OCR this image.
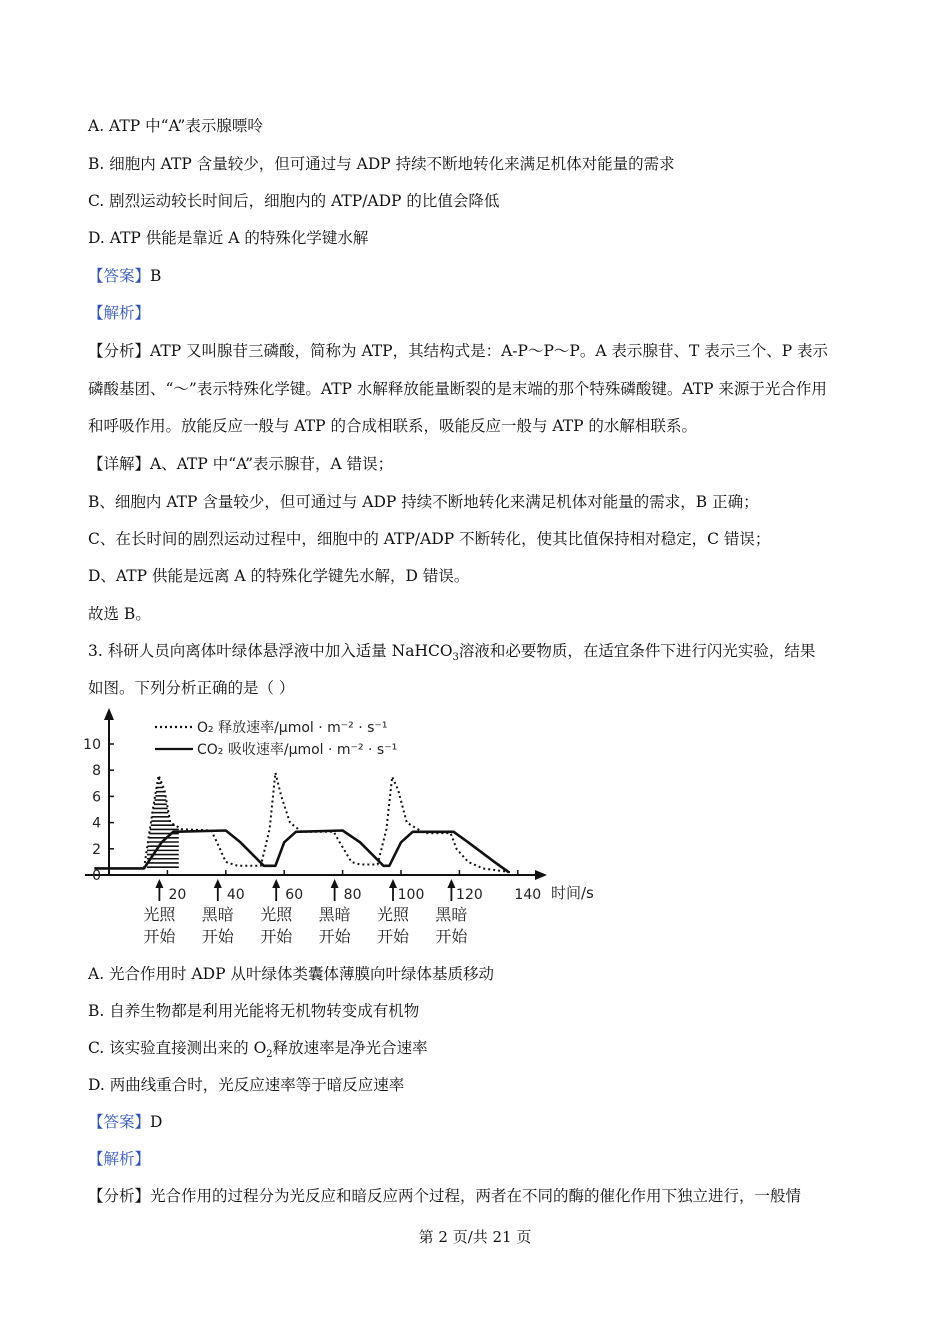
A. ATP 中“A”表示腺嘌呤
B. 细胞内 ATP 含量较少，但可通过与 ADP 持续不断地转化来满足机体对能量的需求
C. 剧烈运动较长时间后，细胞内的 ATP/ADP 的比值会降低
D. ATP 供能是靠近 A 的特殊化学键水解
【答案】B
【解析】
【分析】ATP 又叫腺苷三磷酸，简称为 ATP，其结构式是：A-P～P～P。A 表示腺苷、T 表示三个、P 表示
磷酸基团、“～”表示特殊化学键。ATP 水解释放能量断裂的是末端的那个特殊磷酸键。ATP 来源于光合作用
和呼吸作用。放能反应一般与 ATP 的合成相联系，吸能反应一般与 ATP 的水解相联系。
【详解】A、ATP 中“A”表示腺苷，A 错误；
B、细胞内 ATP 含量较少，但可通过与 ADP 持续不断地转化来满足机体对能量的需求，B 正确；
C、在长时间的剧烈运动过程中，细胞中的 ATP/ADP 不断转化，使其比值保持相对稳定，C 错误；
D、ATP 供能是远离 A 的特殊化学键先水解，D 错误。
故选 B。
3. 科研人员向离体叶绿体悬浮液中加入适量 NaHCO$_3$溶液和必要物质，在适宜条件下进行闪光实验，结果
如图。下列分析正确的是（ ）
0
2
4
6
8
10
20	40	60	80	100 120 140 时间/s
O₂ 释放速率/μmol · m⁻² · s⁻¹
CO₂ 吸收速率/μmol · m⁻² · s⁻¹
光照
开始
黑暗
开始
光照
开始
黑暗
开始
光照
开始
黑暗
开始
A. 光合作用时 ADP 从叶绿体类囊体薄膜向叶绿体基质移动
B. 自养生物都是利用光能将无机物转变成有机物
C. 该实验直接测出来的 $O_2$释放速率是净光合速率
D. 两曲线重合时，光反应速率等于暗反应速率
【答案】D
【解析】
【分析】光合作用的过程分为光反应和暗反应两个过程，两者在不同的酶的催化作用下独立进行，一般情
第 2 页/共 21 页
